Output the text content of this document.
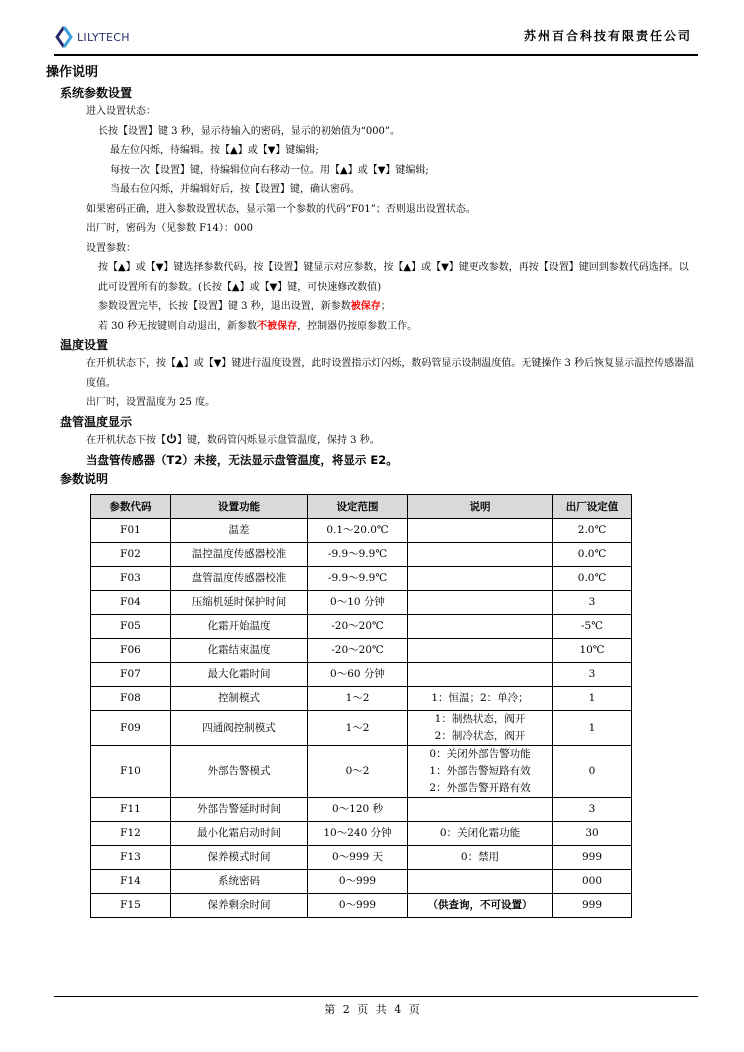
LILYTECH	苏州百合科技有限责任公司
操作说明
系统参数设置
进入设置状态：
长按【设置】键 3 秒，显示待输入的密码，显示的初始值为“000”。
最左位闪烁，待编辑。按【▲】或【▼】键编辑;
每按一次【设置】键，待编辑位向右移动一位。用【▲】或【▼】键编辑;
当最右位闪烁，并编辑好后，按【设置】键，确认密码。
如果密码正确，进入参数设置状态，显示第一个参数的代码“F01”；否则退出设置状态。
出厂时，密码为（见参数 F14）：000
设置参数：
按【▲】或【▼】键选择参数代码，按【设置】键显示对应参数，按【▲】或【▼】键更改参数，再按【设置】键回到参数代码选择。以此可设置所有的参数。(长按【▲】或【▼】键，可快速修改数值)
参数设置完毕，长按【设置】键 3 秒，退出设置，新参数被保存；
若 30 秒无按键则自动退出，新参数不被保存，控制器仍按原参数工作。
温度设置
在开机状态下，按【▲】或【▼】键进行温度设置，此时设置指示灯闪烁，数码管显示设制温度值。无键操作 3 秒后恢复显示温控传感器温度值。
出厂时，设置温度为 25 度。
盘管温度显示
在开机状态下按【 】键，数码管闪烁显示盘管温度，保持 3 秒。
当盘管传感器（T2）未接，无法显示盘管温度，将显示 E2。
参数说明
参数代码	设置功能	设定范围	说明	出厂设定值
F01	温差	0.1～20.0℃		2.0℃
F02	温控温度传感器校准	-9.9～9.9℃		0.0℃
F03	盘管温度传感器校准	-9.9～9.9℃		0.0℃
F04	压缩机延时保护时间	0～10 分钟		3
F05	化霜开始温度	-20～20℃		-5℃
F06	化霜结束温度	-20～20℃		10℃
F07	最大化霜时间	0～60 分钟		3
F08	控制模式	1～2	1：恒温；2：单冷；	1
F09	四通阀控制模式	1～2	1：制热状态，阀开
2：制冷状态，阀开	1
F10	外部告警模式	0～2	0：关闭外部告警功能
1：外部告警短路有效
2：外部告警开路有效	0
F11	外部告警延时时间	0～120 秒		3
F12	最小化霜启动时间	10～240 分钟	0：关闭化霜功能	30
F13	保养模式时间	0～999 天	0：禁用	999
F14	系统密码	0～999		000
F15	保养剩余时间	0～999	（供查询，不可设置）	999
第 2 页 共 4 页
